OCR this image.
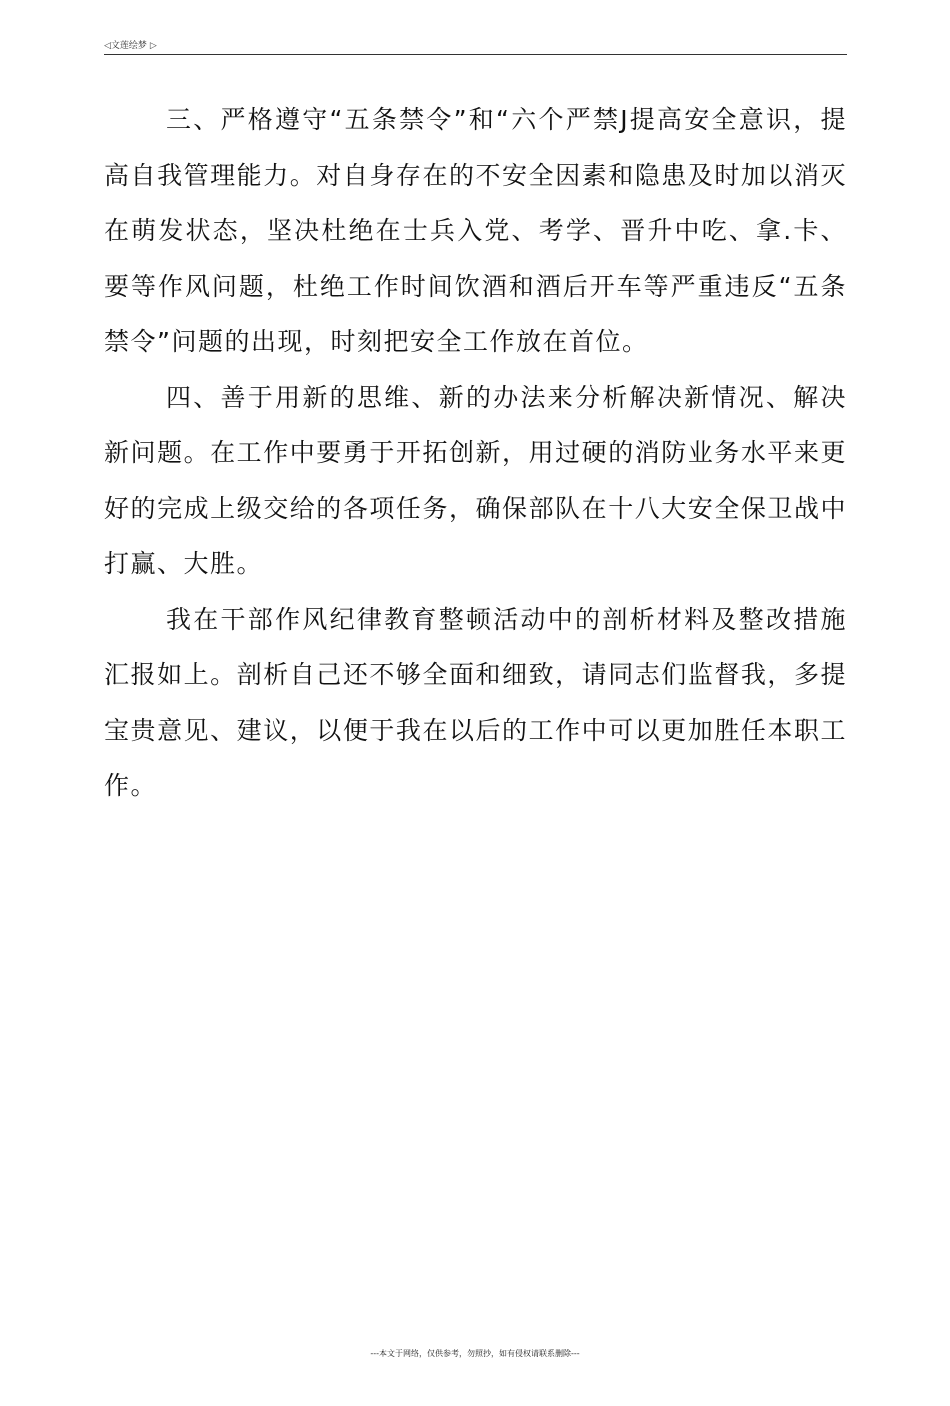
◁文莲绘梦 ▷

三、严格遵守“五条禁令”和“六个严禁J提高安全意识，提高自我管理能力。对自身存在的不安全因素和隐患及时加以消灭在萌发状态，坚决杜绝在士兵入党、考学、晋升中吃、拿.卡、要等作风问题，杜绝工作时间饮酒和酒后开车等严重违反“五条禁令”问题的出现，时刻把安全工作放在首位。

四、善于用新的思维、新的办法来分析解决新情况、解决新问题。在工作中要勇于开拓创新，用过硬的消防业务水平来更好的完成上级交给的各项任务，确保部队在十八大安全保卫战中打赢、大胜。

我在干部作风纪律教育整顿活动中的剖析材料及整改措施汇报如上。剖析自己还不够全面和细致，请同志们监督我，多提宝贵意见、建议，以便于我在以后的工作中可以更加胜任本职工作。

---本文于网络，仅供参考，勿照抄，如有侵权请联系删除---
